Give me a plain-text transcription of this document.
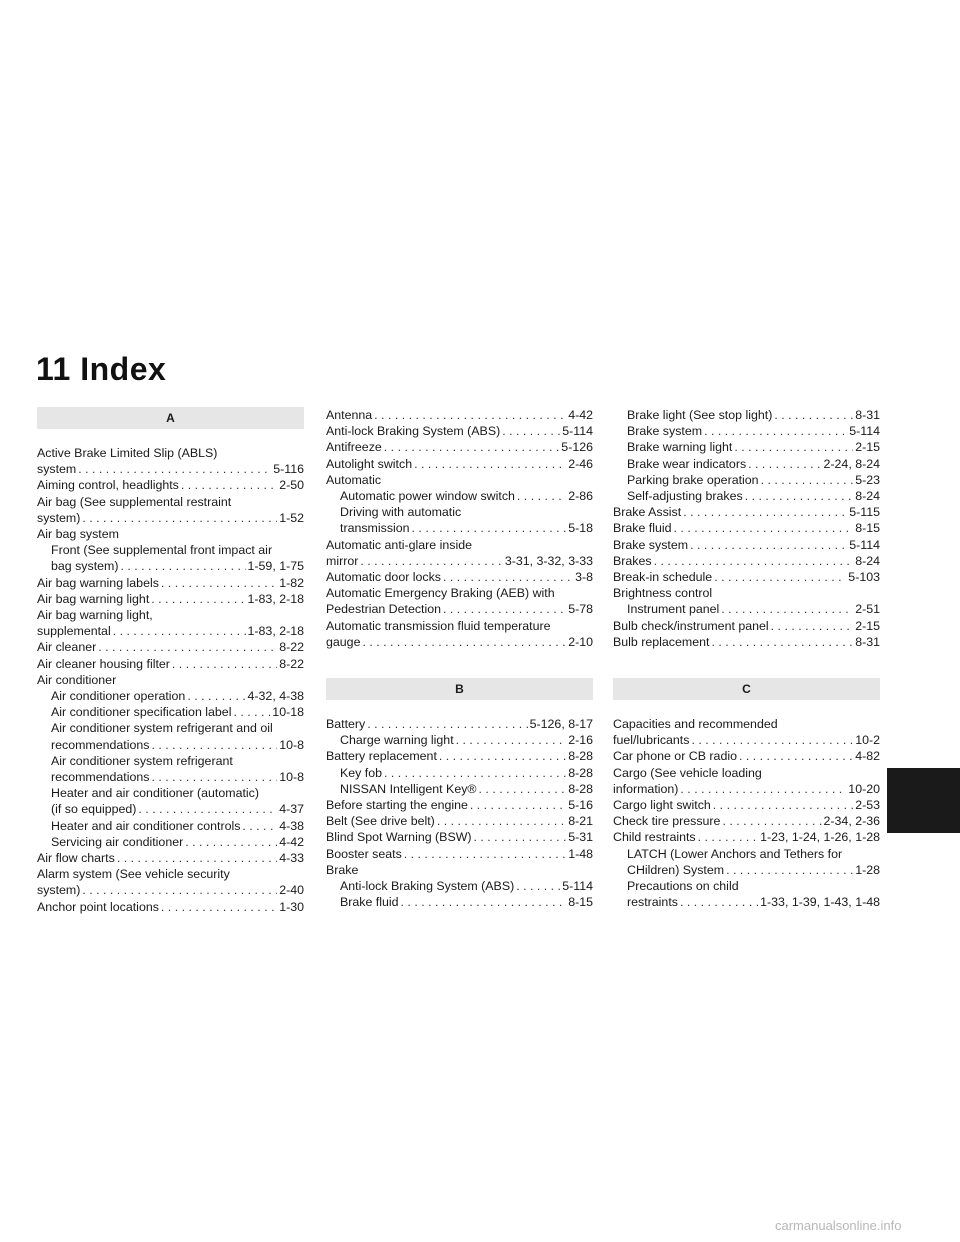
11 Index
A
Active Brake Limited Slip (ABLS)
system . . .	5-116
Aiming control, headlights . . .	2-50
Air bag (See supplemental restraint
system) . . .	1-52
Air bag system
Front (See supplemental front impact air
bag system) . . .	1-59, 1-75
Air bag warning labels . . .	1-82
Air bag warning light . . .	1-83, 2-18
Air bag warning light,
supplemental . . .	1-83, 2-18
Air cleaner . . .	8-22
Air cleaner housing filter . . .	8-22
Air conditioner
Air conditioner operation . . .	4-32, 4-38
Air conditioner specification label . . .	10-18
Air conditioner system refrigerant and oil
recommendations . . .	10-8
Air conditioner system refrigerant
recommendations . . .	10-8
Heater and air conditioner (automatic)
(if so equipped) . . .	4-37
Heater and air conditioner controls . . .	4-38
Servicing air conditioner . . .	4-42
Air flow charts . . .	4-33
Alarm system (See vehicle security
system) . . .	2-40
Anchor point locations . . .	1-30
Antenna . . .	4-42
Anti-lock Braking System (ABS) . . .	5-114
Antifreeze . . .	5-126
Autolight switch . . .	2-46
Automatic
Automatic power window switch . . .	2-86
Driving with automatic
transmission . . .	5-18
Automatic anti-glare inside
mirror . . .	3-31, 3-32, 3-33
Automatic door locks . . .	3-8
Automatic Emergency Braking (AEB) with
Pedestrian Detection . . .	5-78
Automatic transmission fluid temperature
gauge . . .	2-10
B
Battery . . .	5-126, 8-17
Charge warning light . . .	2-16
Battery replacement . . .	8-28
Key fob . . .	8-28
NISSAN Intelligent Key® . . .	8-28
Before starting the engine . . .	5-16
Belt (See drive belt) . . .	8-21
Blind Spot Warning (BSW) . . .	5-31
Booster seats . . .	1-48
Brake
Anti-lock Braking System (ABS) . . .	5-114
Brake fluid . . .	8-15
Brake light (See stop light) . . .	8-31
Brake system . . .	5-114
Brake warning light . . .	2-15
Brake wear indicators . . .	2-24, 8-24
Parking brake operation . . .	5-23
Self-adjusting brakes . . .	8-24
Brake Assist . . .	5-115
Brake fluid . . .	8-15
Brake system . . .	5-114
Brakes . . .	8-24
Break-in schedule . . .	5-103
Brightness control
Instrument panel . . .	2-51
Bulb check/instrument panel . . .	2-15
Bulb replacement . . .	8-31
C
Capacities and recommended
fuel/lubricants . . .	10-2
Car phone or CB radio . . .	4-82
Cargo (See vehicle loading
information) . . .	10-20
Cargo light switch . . .	2-53
Check tire pressure . . .	2-34, 2-36
Child restraints . . .	1-23, 1-24, 1-26, 1-28
LATCH (Lower Anchors and Tethers for
CHildren) System . . .	1-28
Precautions on child
restraints . . .	1-33, 1-39, 1-43, 1-48
carmanualsonline.info
